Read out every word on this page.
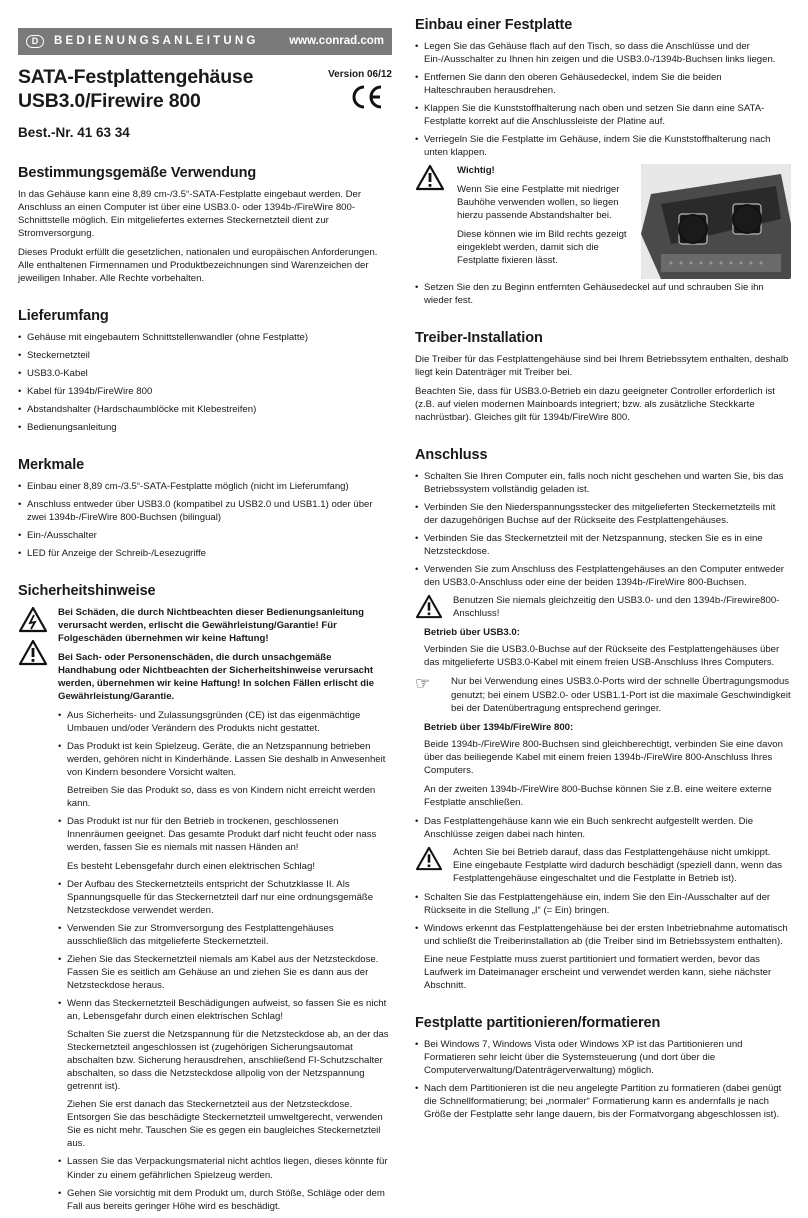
D	BEDIENUNGSANLEITUNG	www.conrad.com
SATA-Festplattengehäuse
USB3.0/Firewire 800
Version 06/12
Best.-Nr. 41 63 34
Bestimmungsgemäße Verwendung

In das Gehäuse kann eine 8,89 cm-/3.5“-SATA-Festplatte eingebaut werden. Der Anschluss an einen Computer ist über eine USB3.0- oder 1394b-/FireWire 800-Schnittstelle möglich. Ein mitgeliefertes externes Steckernetzteil dient zur Stromversorgung.

Dieses Produkt erfüllt die gesetzlichen, nationalen und europäischen Anforderungen. Alle enthaltenen Firmennamen und Produktbezeichnungen sind Warenzeichen der jeweiligen Inhaber. Alle Rechte vorbehalten.

Lieferumfang
• Gehäuse mit eingebautem Schnittstellenwandler (ohne Festplatte)
• Steckernetzteil
• USB3.0-Kabel
• Kabel für 1394b/FireWire 800
• Abstandshalter (Hardschaumblöcke mit Klebestreifen)
• Bedienungsanleitung
Merkmale
• Einbau einer 8,89 cm-/3.5“-SATA-Festplatte möglich (nicht im Lieferumfang)
• Anschluss entweder über USB3.0 (kompatibel zu USB2.0 und USB1.1) oder über zwei 1394b-/FireWire 800-Buchsen (bilingual)
• Ein-/Ausschalter
• LED für Anzeige der Schreib-/Lesezugriffe
Sicherheitshinweise

Bei Schäden, die durch Nichtbeachten dieser Bedienungsanleitung verursacht werden, erlischt die Gewährleistung/Garantie! Für Folgeschäden übernehmen wir keine Haftung!

Bei Sach- oder Personenschäden, die durch unsachgemäße Handhabung oder Nichtbeachten der Sicherheitshinweise verursacht werden, übernehmen wir keine Haftung! In solchen Fällen erlischt die Gewährleistung/Garantie.

• Aus Sicherheits- und Zulassungsgründen (CE) ist das eigenmächtige Umbauen und/oder Verändern des Produkts nicht gestattet.
• Das Produkt ist kein Spielzeug. Geräte, die an Netzspannung betrieben werden, gehören nicht in Kinderhände. Lassen Sie deshalb in Anwesenheit von Kindern besondere Vorsicht walten.

Betreiben Sie das Produkt so, dass es von Kindern nicht erreicht werden kann.

• Das Produkt ist nur für den Betrieb in trockenen, geschlossenen Innenräumen geeignet. Das gesamte Produkt darf nicht feucht oder nass werden, fassen Sie es niemals mit nassen Händen an!

Es besteht Lebensgefahr durch einen elektrischen Schlag!

• Der Aufbau des Steckernetzteils entspricht der Schutzklasse II. Als Spannungsquelle für das Steckernetzteil darf nur eine ordnungsgemäße Netzsteckdose verwendet werden.
• Verwenden Sie zur Stromversorgung des Festplattengehäuses ausschließlich das mitgelieferte Steckernetzteil.
• Ziehen Sie das Steckernetzteil niemals am Kabel aus der Netzsteckdose. Fassen Sie es seitlich am Gehäuse an und ziehen Sie es dann aus der Netzsteckdose heraus.
• Wenn das Steckernetzteil Beschädigungen aufweist, so fassen Sie es nicht an, Lebensgefahr durch einen elektrischen Schlag!

Schalten Sie zuerst die Netzspannung für die Netzsteckdose ab, an der das Steckernetzteil angeschlossen ist (zugehörigen Sicherungsautomat abschalten bzw. Sicherung herausdrehen, anschließend FI-Schutzschalter abschalten, so dass die Netzsteckdose allpolig von der Netzspannung getrennt ist).

Ziehen Sie erst danach das Steckernetzteil aus der Netzsteckdose. Entsorgen Sie das beschädigte Steckernetzteil umweltgerecht, verwenden Sie es nicht mehr. Tauschen Sie es gegen ein baugleiches Steckernetzteil aus.

• Lassen Sie das Verpackungsmaterial nicht achtlos liegen, dieses könnte für Kinder zu einem gefährlichen Spielzeug werden.
• Gehen Sie vorsichtig mit dem Produkt um, durch Stöße, Schläge oder dem Fall aus bereits geringer Höhe wird es beschädigt.
Einbau einer Festplatte
• Legen Sie das Gehäuse flach auf den Tisch, so dass die Anschlüsse und der Ein-/Ausschalter zu Ihnen hin zeigen und die USB3.0-/1394b-Buchsen links liegen.
• Entfernen Sie dann den oberen Gehäusedeckel, indem Sie die beiden Halteschrauben herausdrehen.
• Klappen Sie die Kunststoffhalterung nach oben und setzen Sie dann eine SATA-Festplatte korrekt auf die Anschlussleiste der Platine auf.
• Verriegeln Sie die Festplatte im Gehäuse, indem Sie die Kunststoffhalterung nach unten klappen.

Wichtig!

Wenn Sie eine Festplatte mit niedriger Bauhöhe verwenden wollen, so liegen hierzu passende Abstandshalter bei.

Diese können wie im Bild rechts gezeigt eingeklebt werden, damit sich die Festplatte fixieren lässt.

• Setzen Sie den zu Beginn entfernten Gehäusedeckel auf und schrauben Sie ihn wieder fest.
Treiber-Installation

Die Treiber für das Festplattengehäuse sind bei Ihrem Betriebssytem enthalten, deshalb liegt kein Datenträger mit Treiber bei.

Beachten Sie, dass für USB3.0-Betrieb ein dazu geeigneter Controller erforderlich ist (z.B. auf vielen modernen Mainboards integriert; bzw. als zusätzliche Steckkarte nachrüstbar). Gleiches gilt für 1394b/FireWire 800.

Anschluss
• Schalten Sie Ihren Computer ein, falls noch nicht geschehen und warten Sie, bis das Betriebssystem vollständig geladen ist.
• Verbinden Sie den Niederspannungsstecker des mitgelieferten Steckernetzteils mit der dazugehörigen Buchse auf der Rückseite des Festplattengehäuses.
• Verbinden Sie das Steckernetzteil mit der Netzspannung, stecken Sie es in eine Netzsteckdose.
• Verwenden Sie zum Anschluss des Festplattengehäuses an den Computer entweder den USB3.0-Anschluss oder eine der beiden 1394b-/FireWire 800-Buchsen.
Benutzen Sie niemals gleichzeitig den USB3.0- und den 1394b-/Firewire800-Anschluss!

Betrieb über USB3.0:

Verbinden Sie die USB3.0-Buchse auf der Rückseite des Festplattengehäuses über das mitgelieferte USB3.0-Kabel mit einem freien USB-Anschluss Ihres Computers.

☞	Nur bei Verwendung eines USB3.0-Ports wird der schnelle Übertragungsmodus genutzt; bei einem USB2.0- oder USB1.1-Port ist die maximale Geschwindigkeit bei der Datenübertragung entsprechend geringer.

Betrieb über 1394b/FireWire 800:

Beide 1394b-/FireWire 800-Buchsen sind gleichberechtigt, verbinden Sie eine davon über das beiliegende Kabel mit einem freien 1394b-/FireWire 800-Anschluss Ihres Computers.

An der zweiten 1394b-/FireWire 800-Buchse können Sie z.B. eine weitere externe Festplatte anschließen.

• Das Festplattengehäuse kann wie ein Buch senkrecht aufgestellt werden. Die Anschlüsse zeigen dabei nach hinten.
Achten Sie bei Betrieb darauf, dass das Festplattengehäuse nicht umkippt. Eine eingebaute Festplatte wird dadurch beschädigt (speziell dann, wenn das Festplattengehäuse eingeschaltet und die Festplatte in Betrieb ist).
• Schalten Sie das Festplattengehäuse ein, indem Sie den Ein-/Ausschalter auf der Rückseite in die Stellung „I“ (= Ein) bringen.
• Windows erkennt das Festplattengehäuse bei der ersten Inbetriebnahme automatisch und schließt die Treiberinstallation ab (die Treiber sind im Betriebssystem enthalten).

Eine neue Festplatte muss zuerst partitioniert und formatiert werden, bevor das Laufwerk im Dateimanager erscheint und verwendet werden kann, siehe nächster Abschnitt.

Festplatte partitionieren/formatieren
• Bei Windows 7, Windows Vista oder Windows XP ist das Partitionieren und Formatieren sehr leicht über die Systemsteuerung (und dort über die Computerverwaltung/Datenträgerverwaltung) möglich.
• Nach dem Partitionieren ist die neu angelegte Partition zu formatieren (dabei genügt die Schnellformatierung; bei „normaler“ Formatierung kann es andernfalls je nach Größe der Festplatte sehr lange dauern, bis der Formatvorgang abgeschlossen ist).
